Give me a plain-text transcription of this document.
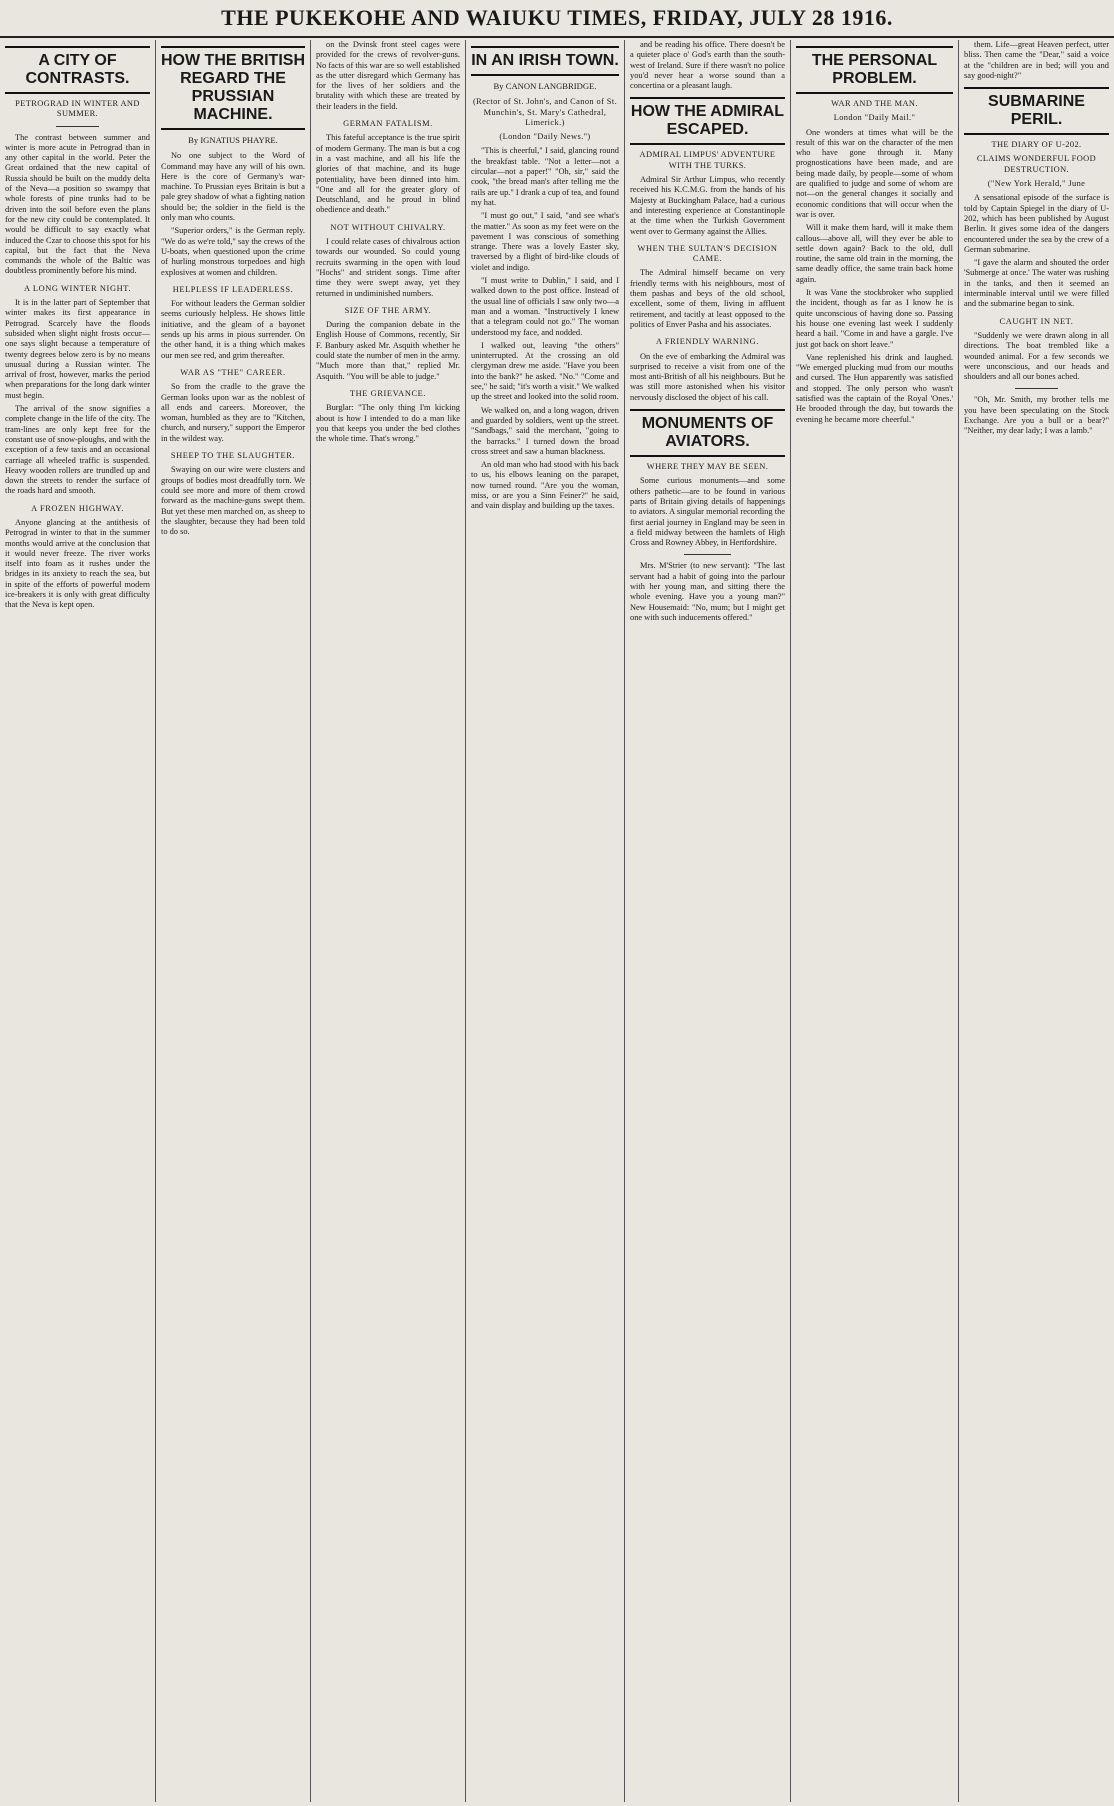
THE PUKEKOHE AND WAIUKU TIMES, FRIDAY, JULY 28 1916.
A CITY OF CONTRASTS.
PETROGRAD IN WINTER AND SUMMER.

The contrast between summer and winter is more acute in Petrograd than in any other capital in the world. Peter the Great ordained that the new capital of Russia should be built on the muddy delta of the Neva—a position so swampy that whole forests of pine trunks had to be driven into the soil before even the plans for the new city could be contemplated. It would be difficult to say exactly what induced the Czar to choose this spot for his capital, but the fact that the Neva commands the whole of the Baltic was doubtless prominently before his mind.

A LONG WINTER NIGHT.

It is in the latter part of September that winter makes its first appearance in Petrograd. Scarcely have the floods subsided when slight night frosts occur—one says slight because a temperature of twenty degrees below zero is by no means unusual during a Russian winter. The arrival of frost, however, marks the period when preparations for the long dark winter must begin.

The arrival of the snow signifies a complete change in the life of the city. The tram-lines are only kept free for the constant use of snow-ploughs, and with the exception of a few taxis and an occasional carriage all wheeled traffic is suspended. Heavy wooden rollers are trundled up and down the streets to render the surface of the roads hard and smooth.

A FROZEN HIGHWAY.

Anyone glancing at the antithesis of Petrograd in winter to that in the summer months would arrive at the conclusion that it would never freeze. The river works itself into foam as it rushes under the bridges in its anxiety to reach the sea, but in spite of the efforts of powerful modern ice-breakers it is only with great difficulty that the Neva is kept open.

HOW THE BRITISH REGARD THE PRUSSIAN MACHINE.
By IGNATIUS PHAYRE.

No one subject to the Word of Command may have any will of his own. Here is the core of Germany's war-machine. To Prussian eyes Britain is but a pale grey shadow of what a fighting nation should be; the soldier in the field is the only man who counts.

"Superior orders," is the German reply. "We do as we're told," say the crews of the U-boats, when questioned upon the crime of hurling monstrous torpedoes and high explosives at women and children.

HELPLESS IF LEADERLESS.

For without leaders the German soldier seems curiously helpless. He shows little initiative, and the gleam of a bayonet sends up his arms in pious surrender. On the other hand, it is a thing which makes our men see red, and grim thereafter.

WAR AS "THE" CAREER.

So from the cradle to the grave the German looks upon war as the noblest of all ends and careers. Moreover, the woman, humbled as they are to "Kitchen, church, and nursery," support the Emperor in the wildest way.

SHEEP TO THE SLAUGHTER.

Swaying on our wire were clusters and groups of bodies most dreadfully torn. We could see more and more of them crowd forward as the machine-guns swept them. But yet these men marched on, as sheep to the slaughter, because they had been told to do so.

on the Dvinsk front steel cages were provided for the crews of revolver-guns. No facts of this war are so well established as the utter disregard which Germany has for the lives of her soldiers and the brutality with which these are treated by their leaders in the field.

GERMAN FATALISM.

This fateful acceptance is the true spirit of modern Germany. The man is but a cog in a vast machine, and all his life the glories of that machine, and its huge potentiality, have been dinned into him. "One and all for the greater glory of Deutschland, and he proud in blind obedience and death."

NOT WITHOUT CHIVALRY.

I could relate cases of chivalrous action towards our wounded. So could young recruits swarming in the open with loud "Hochs" and strident songs. Time after time they were swept away, yet they returned in undiminished numbers.

SIZE OF THE ARMY.

During the companion debate in the English House of Commons, recently, Sir F. Banbury asked Mr. Asquith whether he could state the number of men in the army. "Much more than that," replied Mr. Asquith. "You will be able to judge."

THE GRIEVANCE.

Burglar: "The only thing I'm kicking about is how I intended to do a man like you that keeps you under the bed clothes the whole time. That's wrong."

IN AN IRISH TOWN.
By CANON LANGBRIDGE.
(Rector of St. John's, and Canon of St. Munchin's, St. Mary's Cathedral, Limerick.)
(London "Daily News.")

"This is cheerful," I said, glancing round the breakfast table. "Not a letter—not a circular—not a paper!" "Oh, sir," said the cook, "the bread man's after telling me the rails are up." I drank a cup of tea, and found my hat.

"I must go out," I said, "and see what's the matter." As soon as my feet were on the pavement I was conscious of something strange. There was a lovely Easter sky, traversed by a flight of bird-like clouds of violet and indigo.

"I must write to Dublin," I said, and I walked down to the post office. Instead of the usual line of officials I saw only two—a man and a woman. "Instructively I knew that a telegram could not go." The woman understood my face, and nodded.

I walked out, leaving "the others" uninterrupted. At the crossing an old clergyman drew me aside. "Have you been into the bank?" he asked. "No." "Come and see," he said; "it's worth a visit." We walked up the street and looked into the solid room.

We walked on, and a long wagon, driven and guarded by soldiers, went up the street. "Sandbags," said the merchant, "going to the barracks." I turned down the broad cross street and saw a human blackness.

An old man who had stood with his back to us, his elbows leaning on the parapet, now turned round. "Are you the woman, miss, or are you a Sinn Feiner?" he said, and vain display and building up the taxes.

and be reading his office. There doesn't be a quieter place o' God's earth than the south-west of Ireland. Sure if there wasn't no police you'd never hear a worse sound than a concertina or a pleasant laugh.

HOW THE ADMIRAL ESCAPED.
ADMIRAL LIMPUS' ADVENTURE WITH THE TURKS.

Admiral Sir Arthur Limpus, who recently received his K.C.M.G. from the hands of his Majesty at Buckingham Palace, had a curious and interesting experience at Constantinople at the time when the Turkish Government went over to Germany against the Allies.

WHEN THE SULTAN'S DECISION CAME.

The Admiral himself became on very friendly terms with his neighbours, most of them pashas and beys of the old school, excellent, some of them, living in affluent retirement, and tacitly at least opposed to the politics of Enver Pasha and his associates.

A FRIENDLY WARNING.

On the eve of embarking the Admiral was surprised to receive a visit from one of the most anti-British of all his neighbours. But he was still more astonished when his visitor nervously disclosed the object of his call.

MONUMENTS OF AVIATORS.
WHERE THEY MAY BE SEEN.

Some curious monuments—and some others pathetic—are to be found in various parts of Britain giving details of happenings to aviators. A singular memorial recording the first aerial journey in England may be seen in a field midway between the hamlets of High Cross and Rowney Abbey, in Hertfordshire.

Mrs. M'Strier (to new servant): "The last servant had a habit of going into the parlour with her young man, and sitting there the whole evening. Have you a young man?" New Housemaid: "No, mum; but I might get one with such inducements offered."

THE PERSONAL PROBLEM.
WAR AND THE MAN.
London "Daily Mail."

One wonders at times what will be the result of this war on the character of the men who have gone through it. Many prognostications have been made, and are being made daily, by people—some of whom are qualified to judge and some of whom are not—on the general changes it socially and economic conditions that will occur when the war is over.

Will it make them hard, will it make them callous—above all, will they ever be able to settle down again? Back to the old, dull routine, the same old train in the morning, the same deadly office, the same train back home again.

It was Vane the stockbroker who supplied the incident, though as far as I know he is quite unconscious of having done so. Passing his house one evening last week I suddenly heard a hail. "Come in and have a gargle. I've just got back on short leave."

Vane replenished his drink and laughed. "We emerged plucking mud from our mouths and cursed. The Hun apparently was satisfied and stopped. The only person who wasn't satisfied was the captain of the Royal 'Ones.' He brooded through the day, but towards the evening he became more cheerful."

them. Life—great Heaven perfect, utter bliss. Then came the "Dear," said a voice at the "children are in bed; will you and say good-night?"

SUBMARINE PERIL.
THE DIARY OF U-202.
CLAIMS WONDERFUL FOOD DESTRUCTION.
("New York Herald," June

A sensational episode of the surface is told by Captain Spiegel in the diary of U-202, which has been published by August Berlin. It gives some idea of the dangers encountered under the sea by the crew of a German submarine.

"I gave the alarm and shouted the order 'Submerge at once.' The water was rushing in the tanks, and then it seemed an interminable interval until we were filled and the submarine began to sink.

CAUGHT IN NET.

"Suddenly we were drawn along in all directions. The boat trembled like a wounded animal. For a few seconds we were unconscious, and our heads and shoulders and all our bones ached.

"Oh, Mr. Smith, my brother tells me you have been speculating on the Stock Exchange. Are you a bull or a bear?" "Neither, my dear lady; I was a lamb."
